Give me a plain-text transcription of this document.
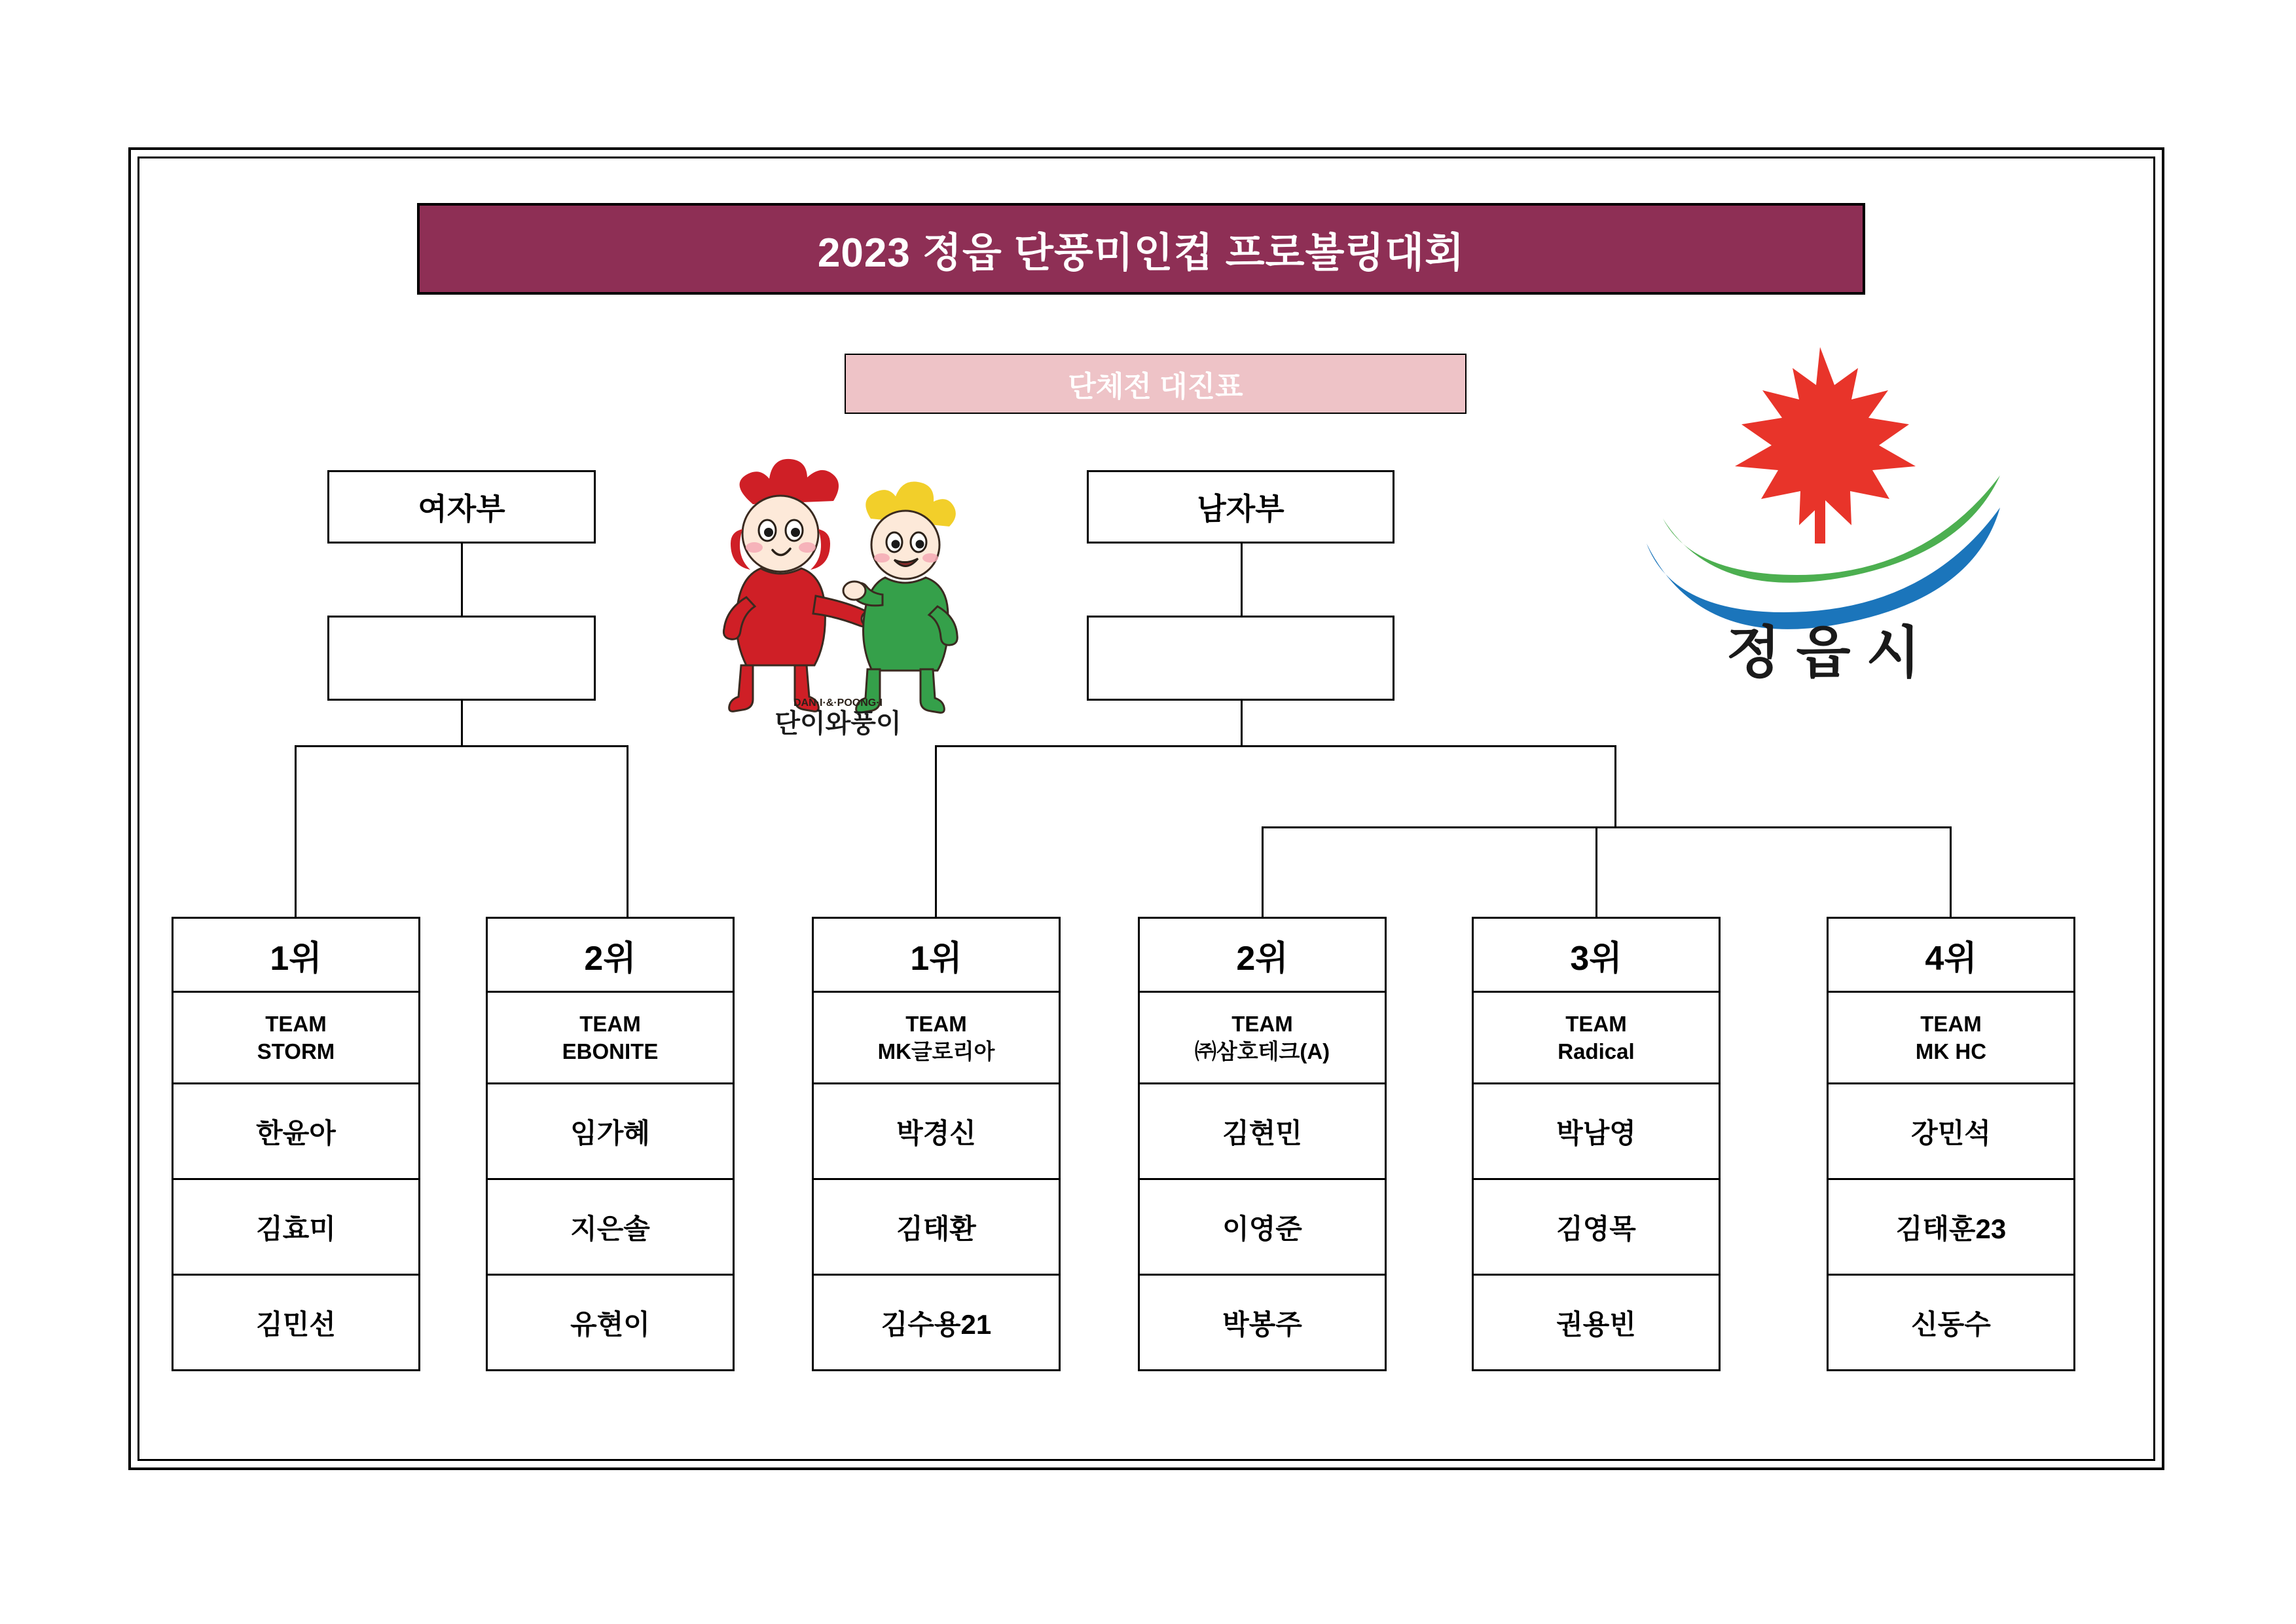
2023 정읍 단풍미인컵 프로볼링대회
단체전 대진표
여자부	남자부
DAN·I·&·POONG·I
단이와풍이
정 읍 시
1위
TEAM
STORM
한윤아
김효미
김민선
2위
TEAM
EBONITE
임가혜
지은솔
유현이
1위
TEAM
MK글로리아
박경신
김태환
김수용21
2위
TEAM
㈜삼호테크(A)
김현민
이영준
박봉주
3위
TEAM
Radical
박남영
김영목
권용빈
4위
TEAM
MK HC
강민석
김태훈23
신동수
